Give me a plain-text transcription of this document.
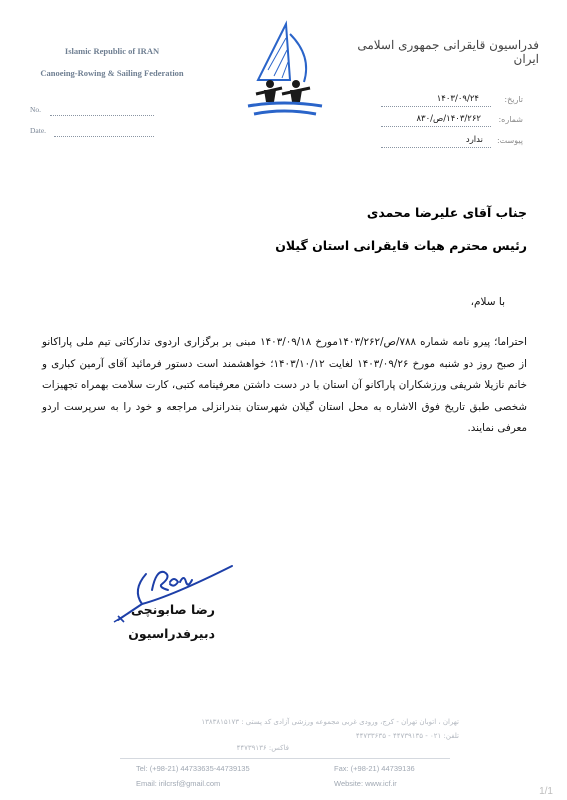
Islamic Republic of IRAN
Canoeing-Rowing & Sailing Federation
No.
Date.
فدراسیون قایقرانی جمهوری اسلامی ایران
تاریخ:
۱۴۰۳/۰۹/۲۴
شماره:
۱۴۰۳/۲۶۲/ص/۸۳۰
پیوست:
ندارد
جناب آقای علیرضا محمدی
رئیس محترم هیات قایقرانی استان گیلان
با سلام،
احتراما؛ پیرو نامه شماره ۷۸۸/ص/۱۴۰۳/۲۶۲مورخ ۱۴۰۳/۰۹/۱۸ مبنی بر برگزاری اردوی تدارکاتی تیم ملی پاراکانو از صبح روز دو شنبه مورخ ۱۴۰۳/۰۹/۲۶ لغایت ۱۴۰۳/۱۰/۱۲؛ خواهشمند است دستور فرمائید آقای آرمین کباری و خانم نازیلا شریفی ورزشکاران پاراکانو آن استان با در دست داشتن معرفینامه کتبی، کارت سلامت بهمراه تجهیزات شخصی طبق تاریخ فوق الاشاره به محل استان گیلان شهرستان بندرانزلی مراجعه و خود را به سرپرست اردو معرفی نمایند.
رضا صابونچی
دبیرفدراسیون
تهران ، اتوبان تهران - کرج، ورودی غربی مجموعه ورزشی آزادی کد پستی : ۱۳۸۳۸۱۵۱۷۳
تلفن: ۰۲۱ - ۴۴۷۳۹۱۳۵ - ۴۴۷۳۳۶۳۵
فاکس: ۴۴۷۳۹۱۳۶
Tel: (+98-21) 44733635-44739135
Email: irilcrsf@gmail.com
Fax: (+98-21) 44739136
Website: www.icf.ir
1/1
